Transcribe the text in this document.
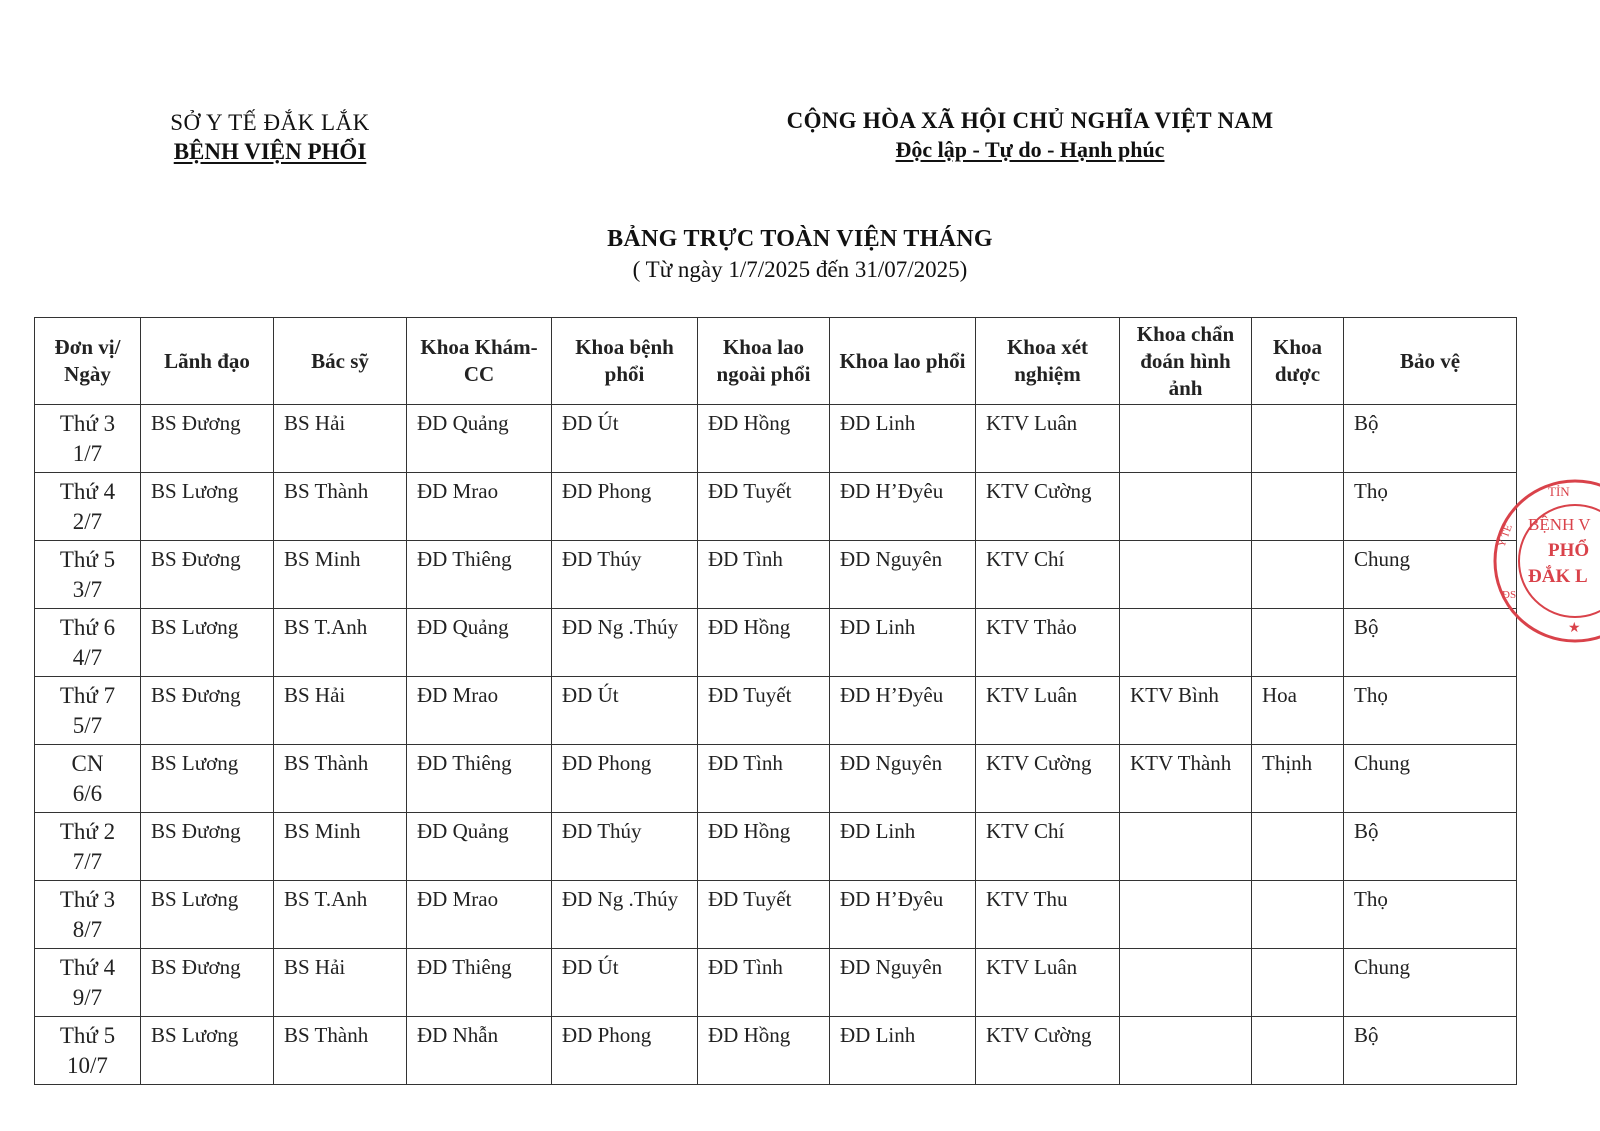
SỞ Y TẾ ĐẮK LẮK
BỆNH VIỆN PHỔI
CỘNG HÒA XÃ HỘI CHỦ NGHĨA VIỆT NAM
Độc lập - Tự do - Hạnh phúc
BẢNG TRỰC TOÀN VIỆN THÁNG
( Từ ngày 1/7/2025 đến 31/07/2025)
Đơn vị/ Ngày	Lãnh đạo	Bác sỹ	Khoa Khám-CC	Khoa bệnh phổi	Khoa lao ngoài phổi	Khoa lao phổi	Khoa xét nghiệm	Khoa chẩn đoán hình ảnh	Khoa dược	Bảo vệ

Thứ 3
1/7	BS Đương	BS Hải	ĐD Quảng	ĐD Út	ĐD Hồng	ĐD Linh	KTV Luân			Bộ

Thứ 4
2/7	BS Lương	BS Thành	ĐD Mrao	ĐD Phong	ĐD Tuyết	ĐD H’Đyêu	KTV Cường			Thọ

Thứ 5
3/7	BS Đương	BS Minh	ĐD Thiêng	ĐD Thúy	ĐD Tình	ĐD Nguyên	KTV Chí			Chung

Thứ 6
4/7	BS Lương	BS T.Anh	ĐD Quảng	ĐD Ng .Thúy	ĐD Hồng	ĐD Linh	KTV Thảo			Bộ

Thứ 7
5/7	BS Đương	BS Hải	ĐD Mrao	ĐD Út	ĐD Tuyết	ĐD H’Đyêu	KTV Luân	KTV Bình	Hoa	Thọ

CN
6/6	BS Lương	BS Thành	ĐD Thiêng	ĐD Phong	ĐD Tình	ĐD Nguyên	KTV Cường	KTV Thành	Thịnh	Chung

Thứ 2
7/7	BS Đương	BS Minh	ĐD Quảng	ĐD Thúy	ĐD Hồng	ĐD Linh	KTV Chí			Bộ

Thứ 3
8/7	BS Lương	BS T.Anh	ĐD Mrao	ĐD Ng .Thúy	ĐD Tuyết	ĐD H’Đyêu	KTV Thu			Thọ

Thứ 4
9/7	BS Đương	BS Hải	ĐD Thiêng	ĐD Út	ĐD Tình	ĐD Nguyên	KTV Luân			Chung

Thứ 5
10/7	BS Lương	BS Thành	ĐD Nhẫn	ĐD Phong	ĐD Hồng	ĐD Linh	KTV Cường			Bộ
TỈN
Y TẾ
ĐS
BỆNH V
PHỔ
ĐẮK L
★
